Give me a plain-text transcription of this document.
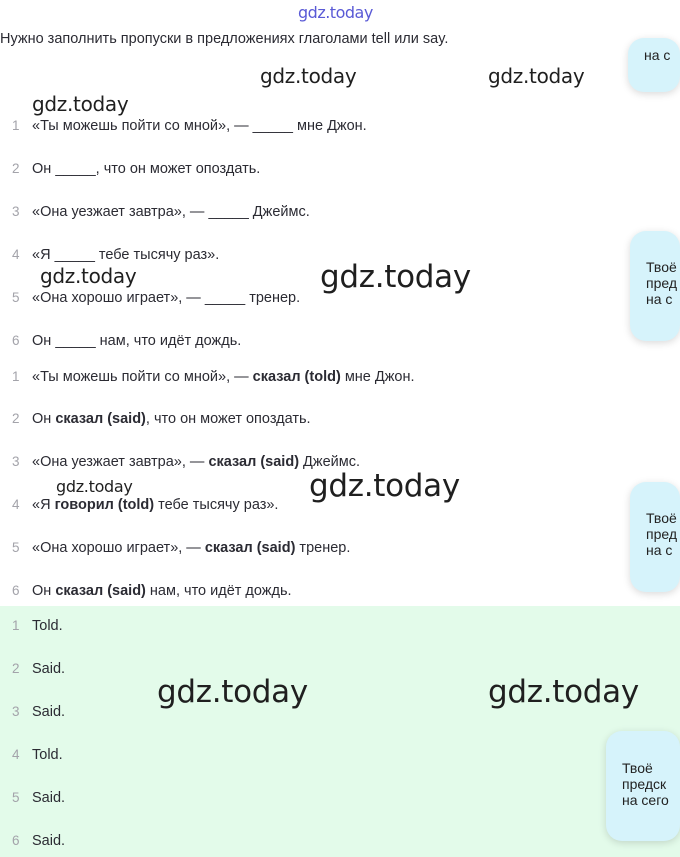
gdz.today
Нужно заполнить пропуски в предложениях глаголами tell или say.
1 «Ты можешь пойти со мной», — _____ мне Джон.
2 Он _____, что он может опоздать.
3 «Она уезжает завтра», — _____ Джеймс.
4 «Я _____ тебе тысячу раз».
5 «Она хорошо играет», — _____ тренер.
6 Он _____ нам, что идёт дождь.
1 «Ты можешь пойти со мной», — сказал (told) мне Джон.
2 Он сказал (said), что он может опоздать.
3 «Она уезжает завтра», — сказал (said) Джеймс.
4 «Я говорил (told) тебе тысячу раз».
5 «Она хорошо играет», — сказал (said) тренер.
6 Он сказал (said) нам, что идёт дождь.
1 Told.
2 Said.
3 Said.
4 Told.
5 Said.
6 Said.
gdz.today	gdz.today
gdz.today
gdz.today	gdz.today
gdz.today	gdz.today
gdz.today	gdz.today
на с
Твоё
пред
на с
Твоё
пред
на с
Твоё
предск
на сего
